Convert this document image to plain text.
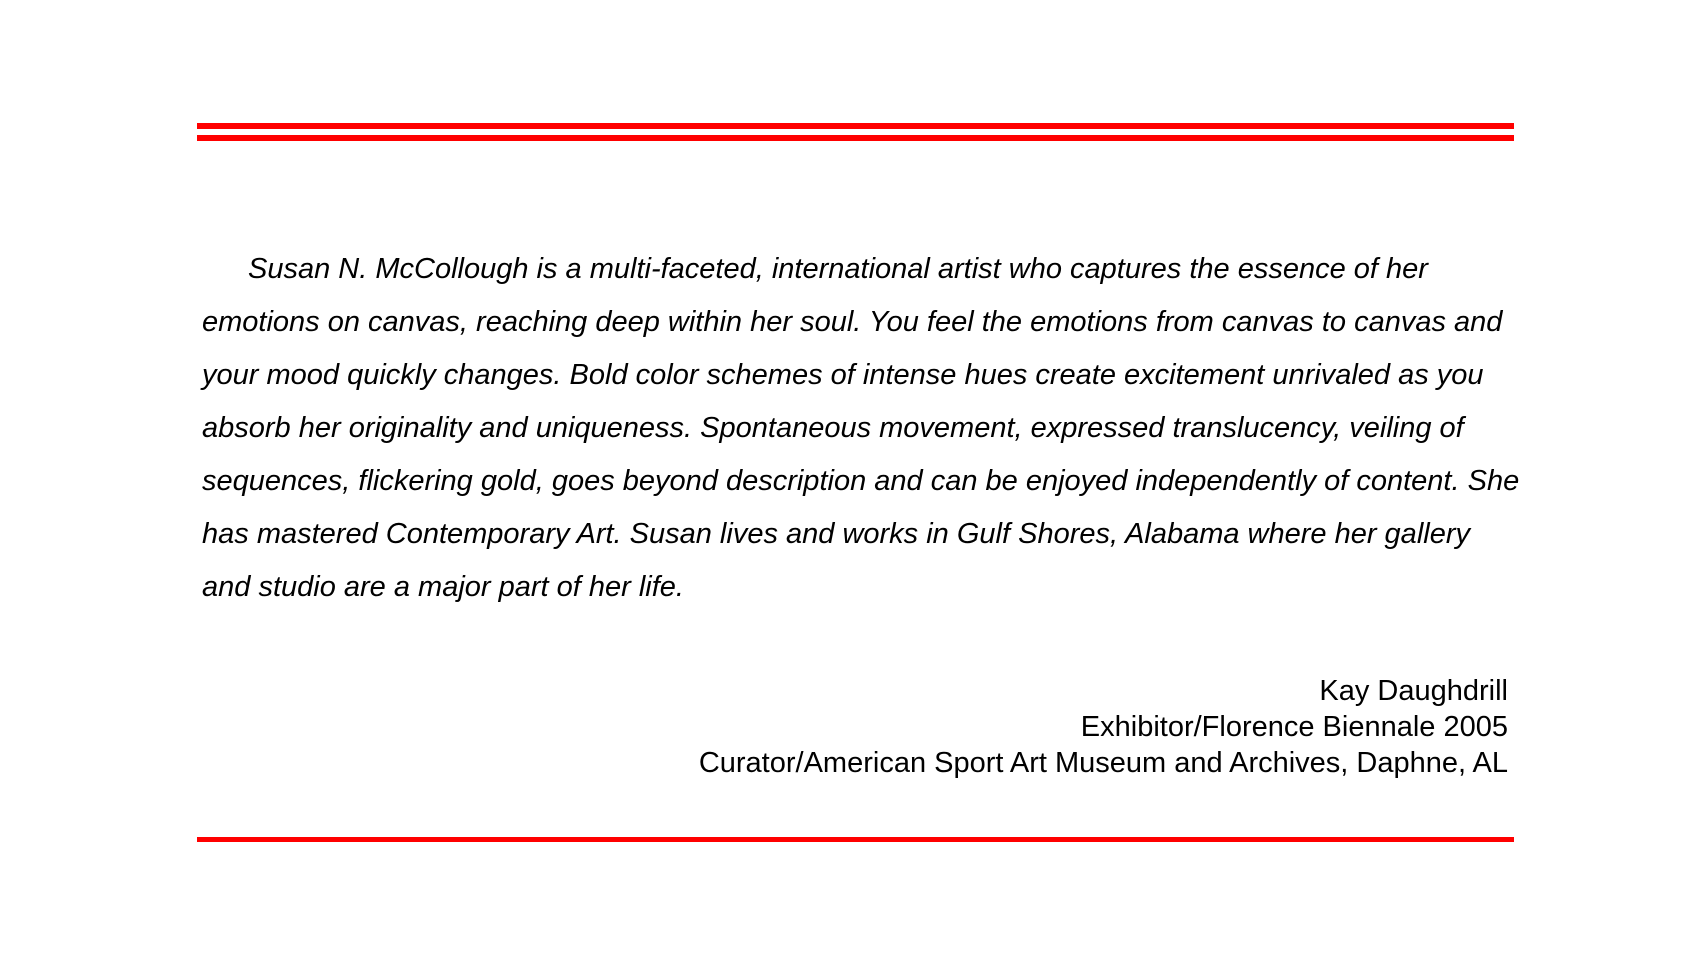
Susan N. McCollough is a multi-faceted, international artist who captures the essence of her emotions on canvas, reaching deep within her soul. You feel the emotions from canvas to canvas and your mood quickly changes. Bold color schemes of intense hues create excitement unrivaled as you absorb her originality and uniqueness. Spontaneous movement, expressed translucency, veiling of sequences, flickering gold, goes beyond description and can be enjoyed independently of content. She has mastered Contemporary Art. Susan lives and works in Gulf Shores, Alabama where her gallery and studio are a major part of her life.

Kay Daughdrill
Exhibitor/Florence Biennale 2005
Curator/American Sport Art Museum and Archives, Daphne, AL
